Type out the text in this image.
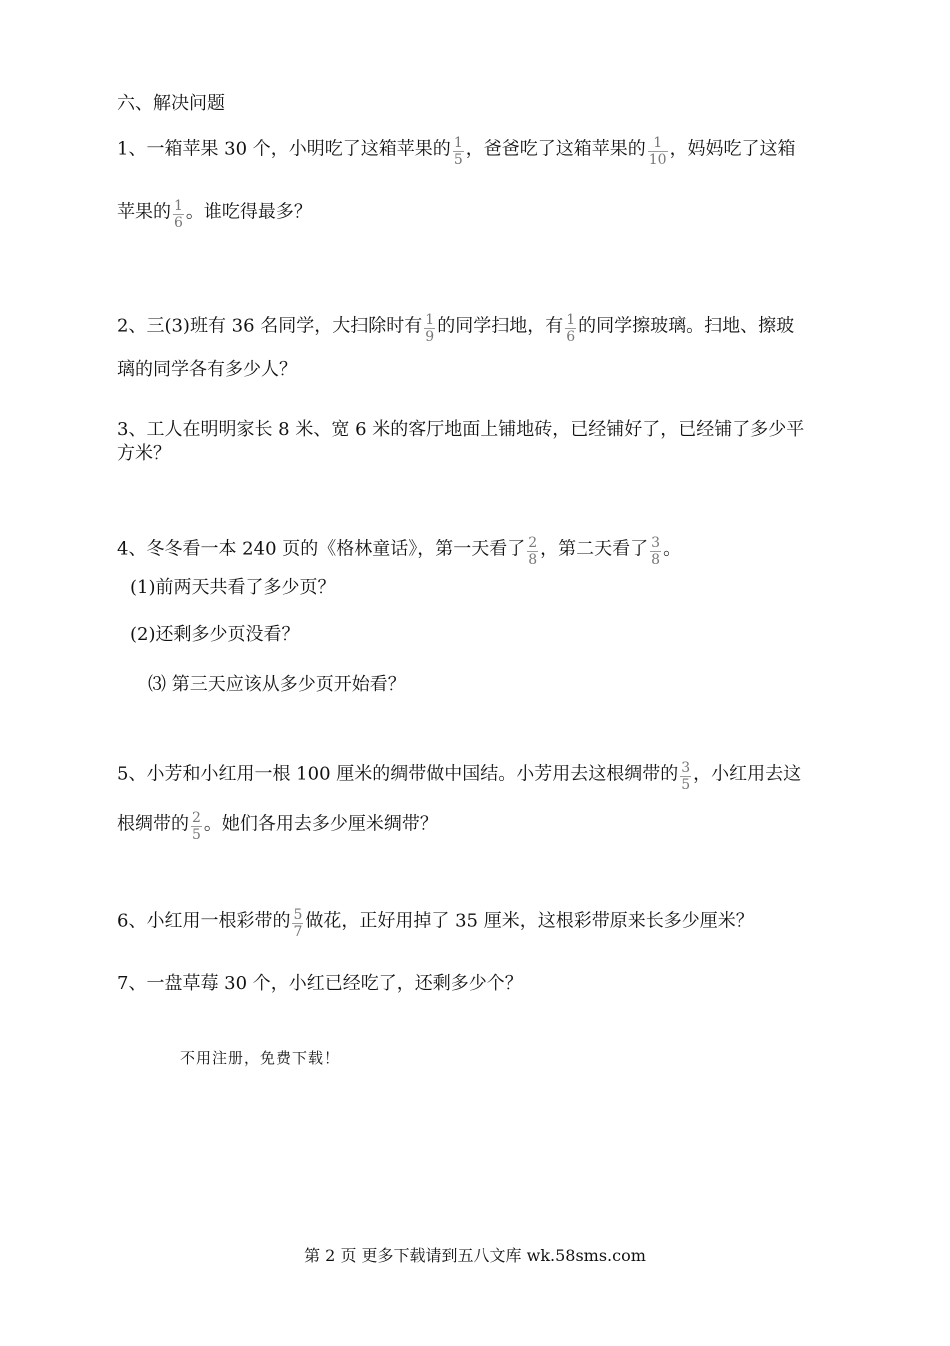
六、解决问题
1、一箱苹果 30 个，小明吃了这箱苹果的 $\frac{1}{5}$ ，爸爸吃了这箱苹果的 $\frac{1}{10}$ ，妈妈吃了这箱
苹果的 $\frac{1}{6}$ 。谁吃得最多？
2、三(3)班有 36 名同学，大扫除时有 $\frac{1}{9}$ 的同学扫地，有 $\frac{1}{6}$ 的同学擦玻璃。扫地、擦玻
璃的同学各有多少人？
3、工人在明明家长 8 米、宽 6 米的客厅地面上铺地砖，已经铺好了，已经铺了多少平
方米？
4、冬冬看一本 240 页的《格林童话》，第一天看了 $\frac{2}{8}$ ，第二天看了 $\frac{3}{8}$ 。
(1)前两天共看了多少页？
(2)还剩多少页没看？
⑶ 第三天应该从多少页开始看？
5、小芳和小红用一根 100 厘米的绸带做中国结。小芳用去这根绸带的 $\frac{3}{5}$ ，小红用去这
根绸带的 $\frac{2}{5}$ 。她们各用去多少厘米绸带？
6、小红用一根彩带的 $\frac{5}{7}$ 做花，正好用掉了 35 厘米，这根彩带原来长多少厘米？
7、一盘草莓 30 个，小红已经吃了，还剩多少个？
不用注册，免费下载！
第 2 页 更多下载请到五八文库 wk.58sms.com
